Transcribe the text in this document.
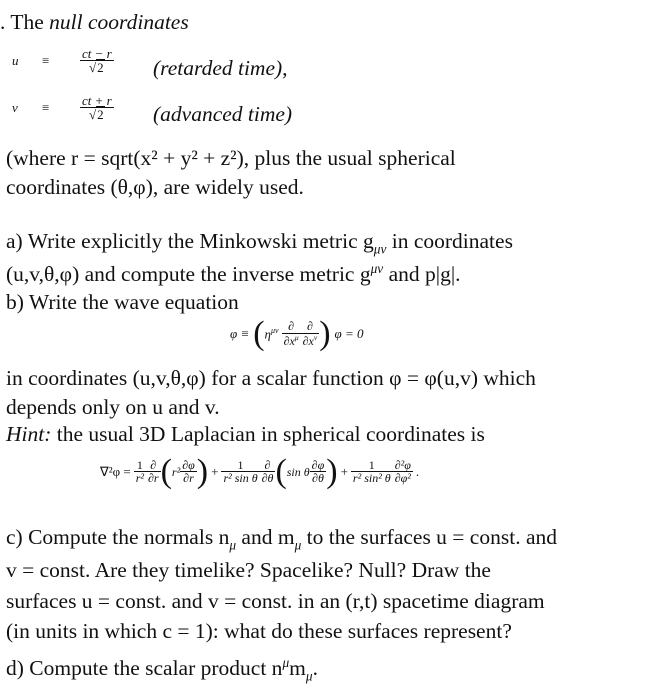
. The null coordinates
u	≡	$\frac{ct - r}{√2}$ (retarded time),
v	≡	$\frac{ct + r}{√2}$ (advanced time)
(where r = sqrt(x² + y² + z²), plus the usual spherical
coordinates (θ,φ), are widely used.
a) Write explicitly the Minkowski metric $g_{\mu\nu}$ in coordinates
(u,v,θ,φ) and compute the inverse metric $g^{\mu\nu}$ and p|g|.
b) Write the wave equation
φ ≡ ( $\eta^{\mu\nu} \frac{\partial}{\partial x^\mu} \frac{\partial}{\partial x^\nu}$ ) φ = 0
in coordinates (u,v,θ,φ) for a scalar function φ = φ(u,v) which
depends only on u and v.
Hint: the usual 3D Laplacian in spherical coordinates is
$\nabla^2\varphi = \frac{1}{\text{r²}} \frac{\partial}{\partial r}$ ( $r^2 \frac{\partial\varphi}{\partial r}$ ) + $\frac{1}{\text{r² sin θ}} \frac{\partial}{\partial\theta}$ ( sin θ $\frac{\partial\varphi}{\partial\theta}$ ) + $\frac{1}{\text{r² sin² θ}} \frac{\text{∂²φ}}{\text{∂φ²}}$ .
c) Compute the normals $n_\mu$ and $m_\mu$ to the surfaces u = const. and
v = const. Are they timelike? Spacelike? Null? Draw the
surfaces u = const. and v = const. in an (r,t) spacetime diagram
(in units in which c = 1): what do these surfaces represent?
d) Compute the scalar product $n^\mu m_\mu$.
